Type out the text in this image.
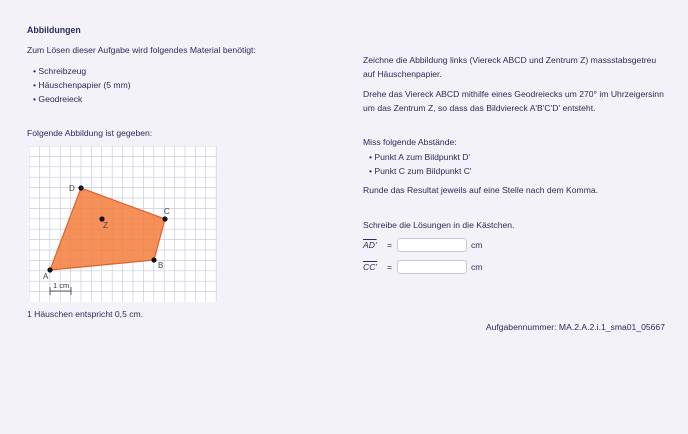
Abbildungen
Zum Lösen dieser Aufgabe wird folgendes Material benötigt:
• Schreibzeug
• Häuschenpapier (5 mm)
• Geodreieck
Folgende Abbildung ist gegeben:
A
B
C
D
Z
1 cm
1 Häuschen entspricht 0,5 cm.
Zeichne die Abbildung links (Viereck ABCD und Zentrum Z) massstabsgetreu auf Häuschenpapier.
Drehe das Viereck ABCD mithilfe eines Geodreiecks um 270° im Uhrzeigersinn um das Zentrum Z, so dass das Bildviereck A'B'C'D' entsteht.
Miss folgende Abstände:
• Punkt A zum Bildpunkt D'
• Punkt C zum Bildpunkt C'
Runde das Resultat jeweils auf eine Stelle nach dem Komma.
Schreibe die Lösungen in die Kästchen.
AD'	=	cm
CC'	=	cm
Aufgabennummer: MA.2.A.2.i.1_sma01_05667
